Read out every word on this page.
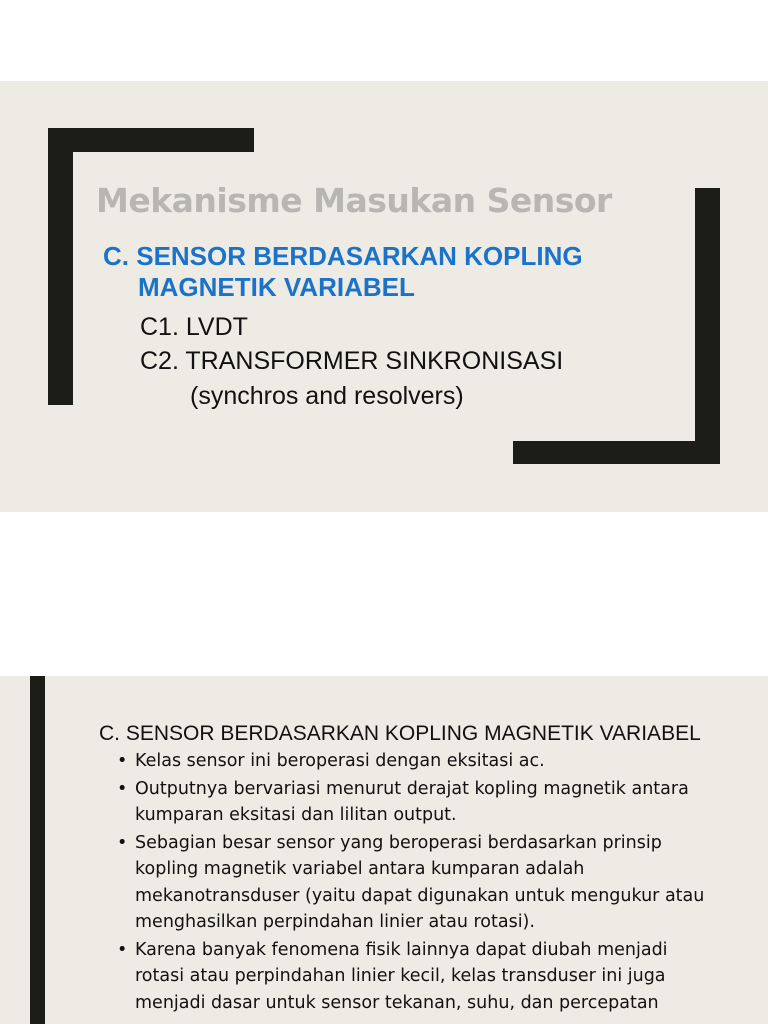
Mekanisme Masukan Sensor
C. SENSOR BERDASARKAN KOPLING
MAGNETIK VARIABEL
C1. LVDT
C2. TRANSFORMER SINKRONISASI
(synchros and resolvers)
C. SENSOR BERDASARKAN KOPLING MAGNETIK VARIABEL
• Kelas sensor ini beroperasi dengan eksitasi ac.
• Outputnya bervariasi menurut derajat kopling magnetik antara kumparan eksitasi dan lilitan output.
• Sebagian besar sensor yang beroperasi berdasarkan prinsip kopling magnetik variabel antara kumparan adalah mekanotransduser (yaitu dapat digunakan untuk mengukur atau menghasilkan perpindahan linier atau rotasi).
• Karena banyak fenomena fisik lainnya dapat diubah menjadi rotasi atau perpindahan linier kecil, kelas transduser ini juga menjadi dasar untuk sensor tekanan, suhu, dan percepatan
